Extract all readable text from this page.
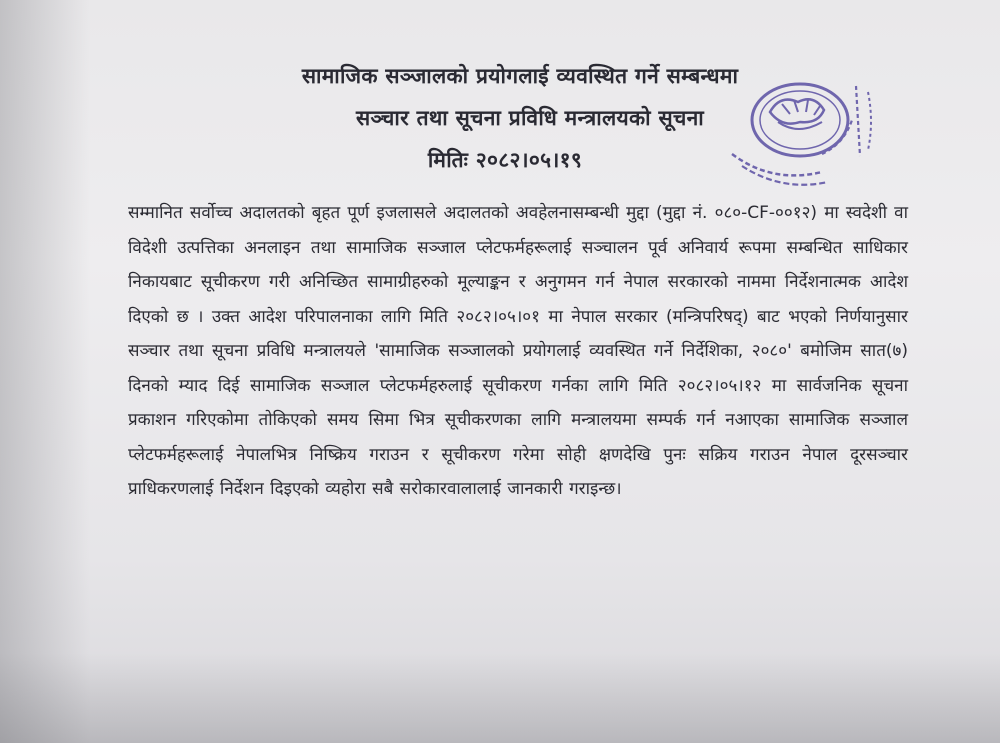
सामाजिक सञ्जालको प्रयोगलाई व्यवस्थित गर्ने सम्बन्धमा
सञ्चार तथा सूचना प्रविधि मन्त्रालयको सूचना
मितिः २०८२।०५।१९
सम्मानित सर्वोच्च अदालतको बृहत पूर्ण इजलासले अदालतको अवहेलनासम्बन्धी मुद्दा (मुद्दा नं. ०८०-CF-००१२) मा स्वदेशी वा विदेशी उत्पत्तिका अनलाइन तथा सामाजिक सञ्जाल प्लेटफर्महरूलाई सञ्चालन पूर्व अनिवार्य रूपमा सम्बन्धित साधिकार निकायबाट सूचीकरण गरी अनिच्छित सामाग्रीहरुको मूल्याङ्कन र अनुगमन गर्न नेपाल सरकारको नाममा निर्देशनात्मक आदेश दिएको छ । उक्त आदेश परिपालनाका लागि मिति २०८२।०५।०१ मा नेपाल सरकार (मन्त्रिपरिषद्) बाट भएको निर्णयानुसार सञ्चार तथा सूचना प्रविधि मन्त्रालयले 'सामाजिक सञ्जालको प्रयोगलाई व्यवस्थित गर्ने निर्देशिका, २०८०' बमोजिम सात(७) दिनको म्याद दिई सामाजिक सञ्जाल प्लेटफर्महरुलाई सूचीकरण गर्नका लागि मिति २०८२।०५।१२ मा सार्वजनिक सूचना प्रकाशन गरिएकोमा तोकिएको समय सिमा भित्र सूचीकरणका लागि मन्त्रालयमा सम्पर्क गर्न नआएका सामाजिक सञ्जाल प्लेटफर्महरूलाई नेपालभित्र निष्क्रिय गराउन र सूचीकरण गरेमा सोही क्षणदेखि पुनः सक्रिय गराउन नेपाल दूरसञ्चार प्राधिकरणलाई निर्देशन दिइएको व्यहोरा सबै सरोकारवालालाई जानकारी गराइन्छ।
